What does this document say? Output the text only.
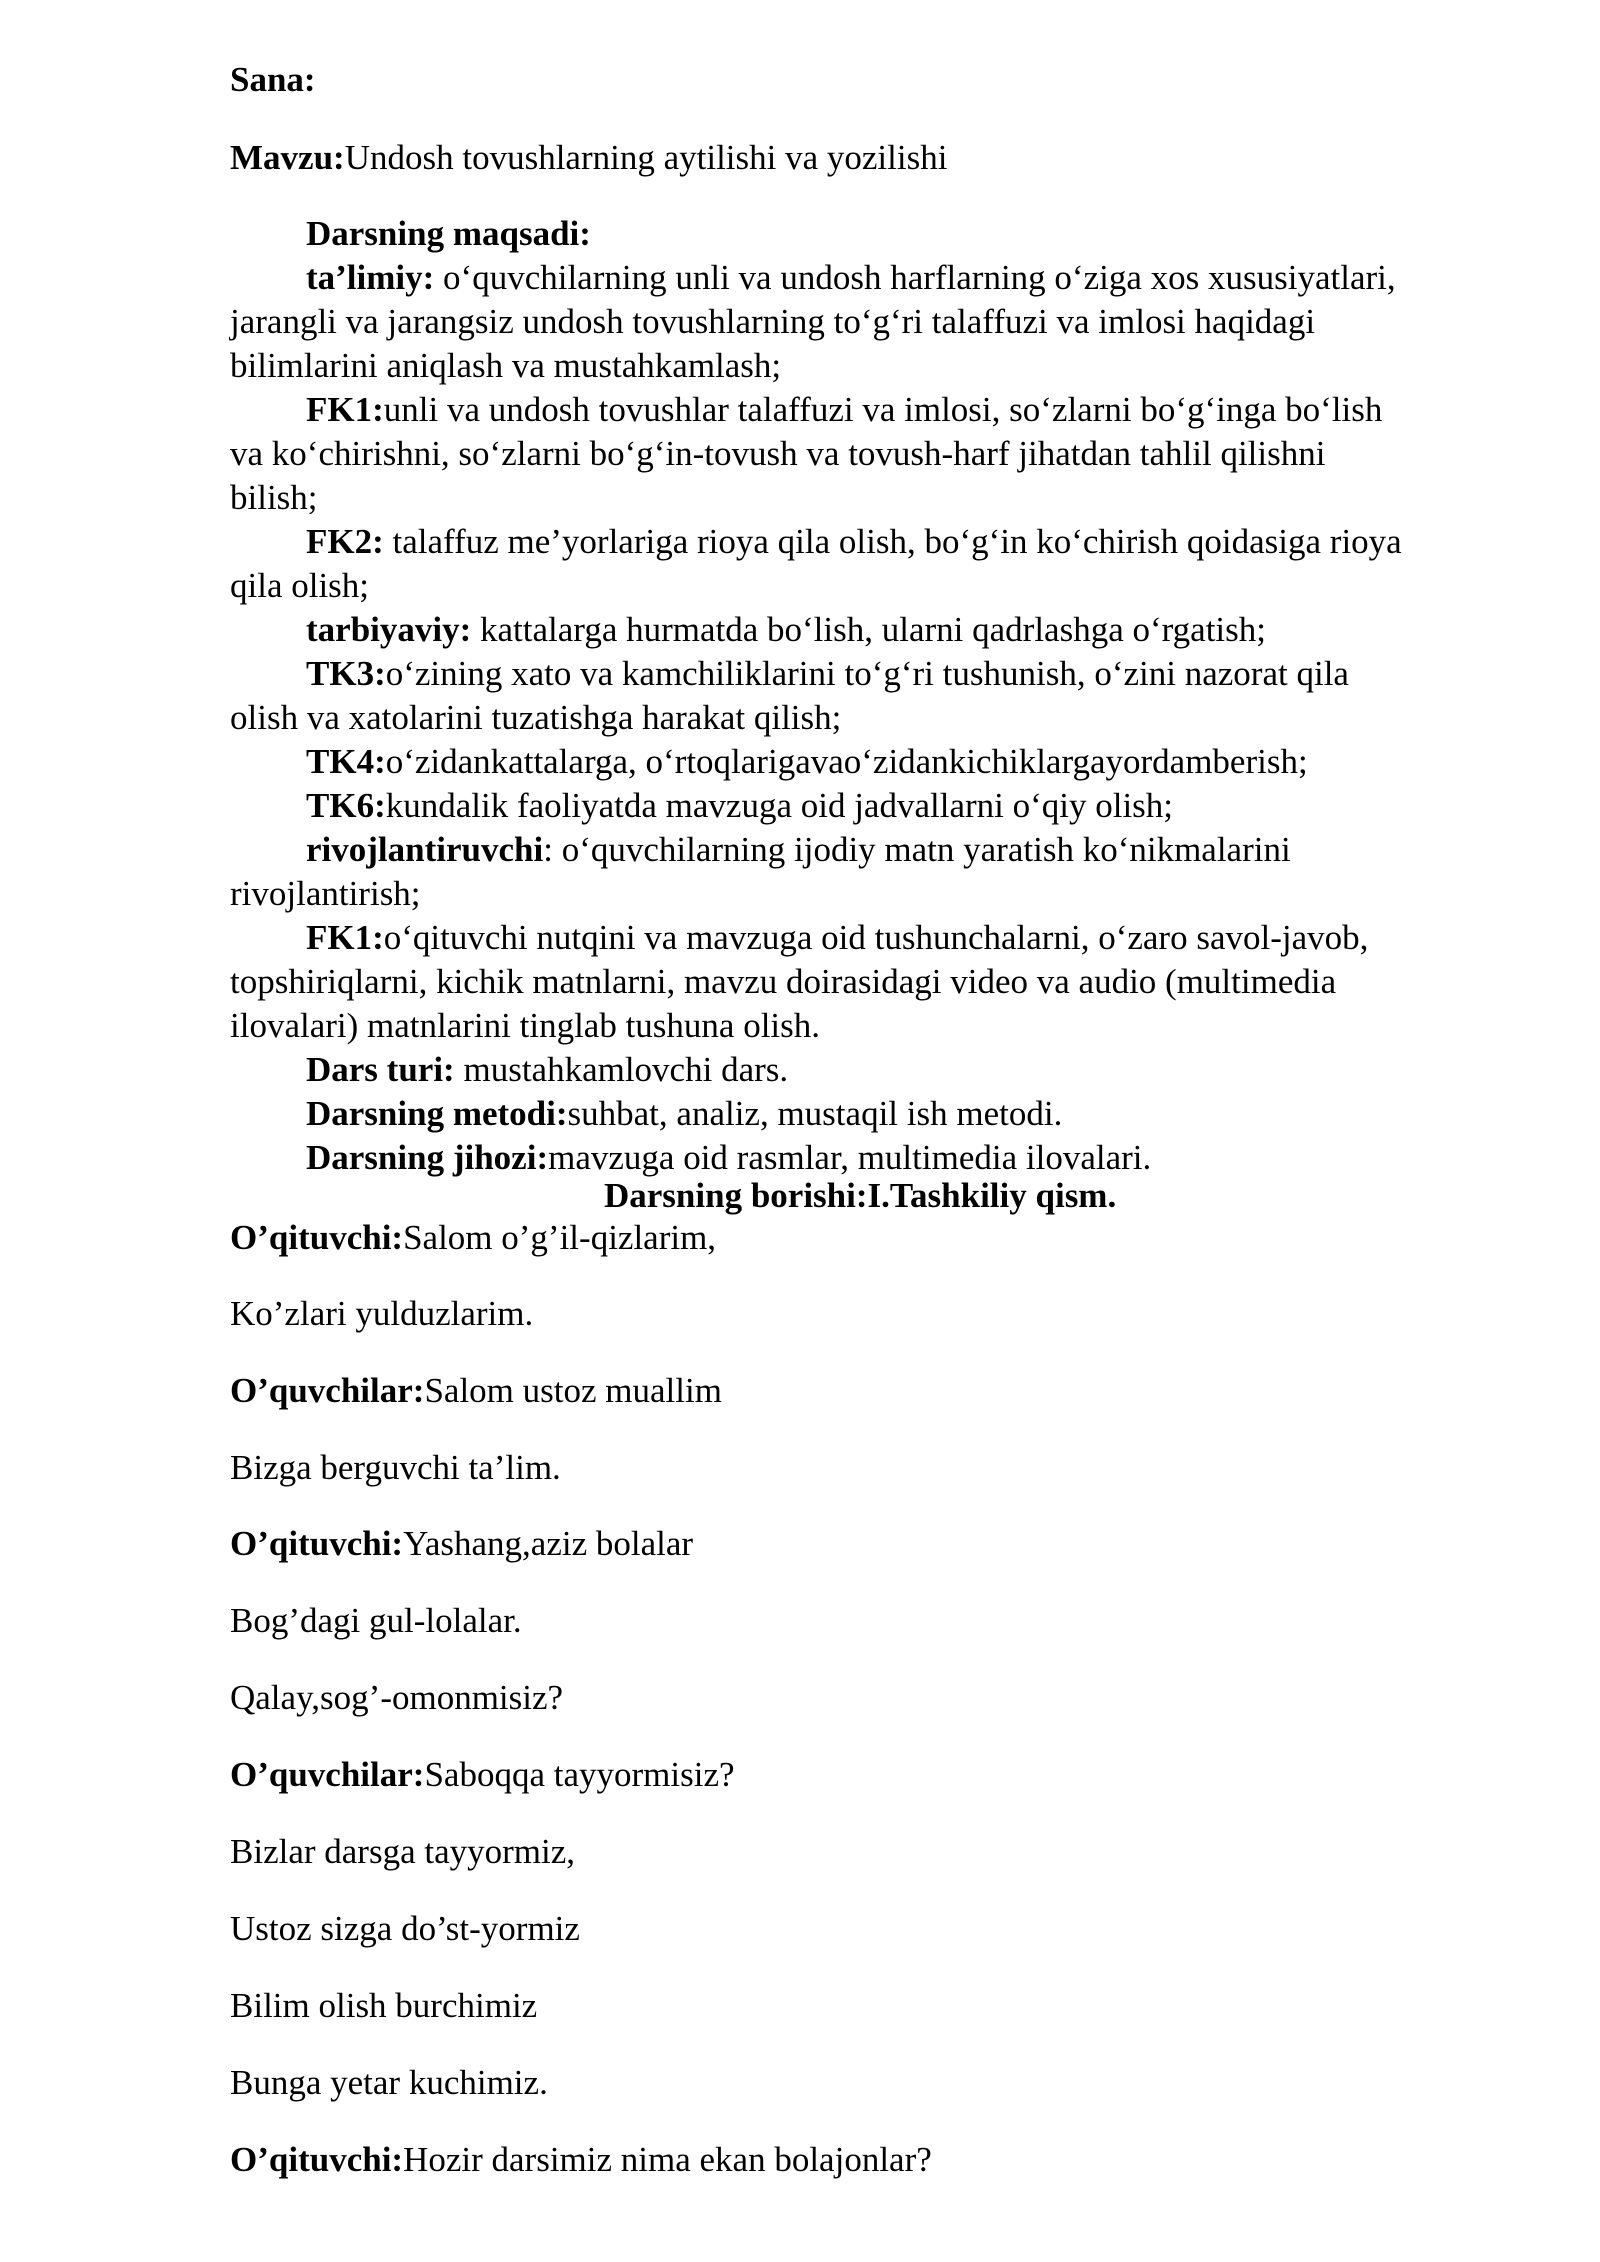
Sana:
Mavzu:Undosh tovushlarning aytilishi va yozilishi
Darsning maqsadi:
ta’limiy: o‘quvchilarning unli va undosh harflarning o‘ziga xos xususiyatlari,
jarangli va jarangsiz undosh tovushlarning to‘g‘ri talaffuzi va imlosi haqidagi
bilimlarini aniqlash va mustahkamlash;
FK1:unli va undosh tovushlar talaffuzi va imlosi, so‘zlarni bo‘g‘inga bo‘lish
va ko‘chirishni, so‘zlarni bo‘g‘in-tovush va tovush-harf jihatdan tahlil qilishni
bilish;
FK2: talaffuz me’yorlariga rioya qila olish, bo‘g‘in ko‘chirish qoidasiga rioya
qila olish;
tarbiyaviy: kattalarga hurmatda bo‘lish, ularni qadrlashga o‘rgatish;
TK3:o‘zining xato va kamchiliklarini to‘g‘ri tushunish, o‘zini nazorat qila
olish va xatolarini tuzatishga harakat qilish;
TK4:o‘zidankattalarga, o‘rtoqlarigavao‘zidankichiklargayordamberish;
TK6:kundalik faoliyatda mavzuga oid jadvallarni o‘qiy olish;
rivojlantiruvchi: o‘quvchilarning ijodiy matn yaratish ko‘nikmalarini
rivojlantirish;
FK1:o‘qituvchi nutqini va mavzuga oid tushunchalarni, o‘zaro savol-javob,
topshiriqlarni, kichik matnlarni, mavzu doirasidagi video va audio (multimedia
ilovalari) matnlarini tinglab tushuna olish.
Dars turi: mustahkamlovchi dars.
Darsning metodi:suhbat, analiz, mustaqil ish metodi.
Darsning jihozi:mavzuga oid rasmlar, multimedia ilovalari.
Darsning borishi:I.Tashkiliy qism.
O’qituvchi:Salom o’g’il-qizlarim,
Ko’zlari yulduzlarim.
O’quvchilar:Salom ustoz muallim
Bizga berguvchi ta’lim.
O’qituvchi:Yashang,aziz bolalar
Bog’dagi gul-lolalar.
Qalay,sog’-omonmisiz?
O’quvchilar:Saboqqa tayyormisiz?
Bizlar darsga tayyormiz,
Ustoz sizga do’st-yormiz
Bilim olish burchimiz
Bunga yetar kuchimiz.
O’qituvchi:Hozir darsimiz nima ekan bolajonlar?
